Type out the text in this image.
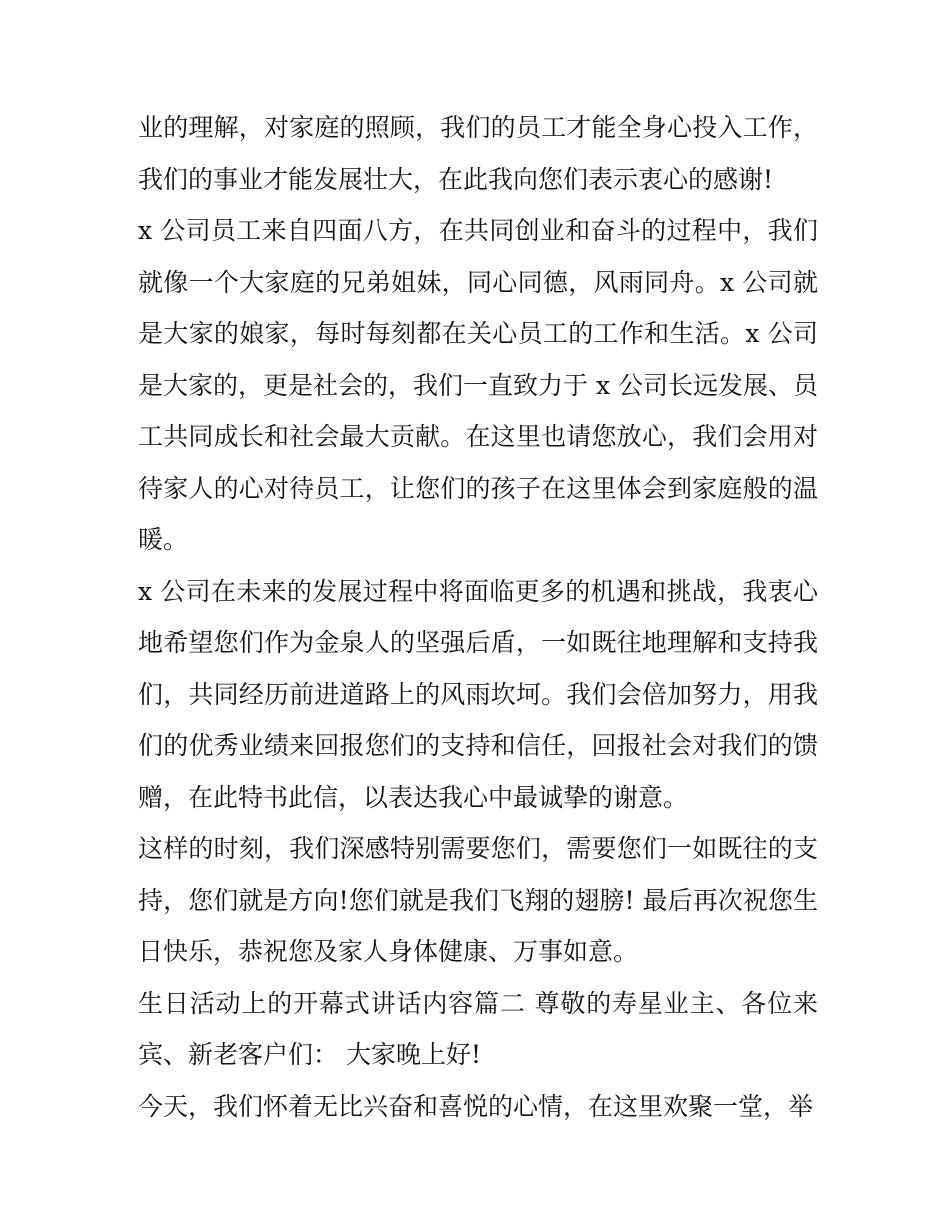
业的理解，对家庭的照顾，我们的员工才能全身心投入工作，我们的事业才能发展壮大，在此我向您们表示衷心的感谢!

x 公司员工来自四面八方，在共同创业和奋斗的过程中，我们就像一个大家庭的兄弟姐妹，同心同德，风雨同舟。x 公司就是大家的娘家，每时每刻都在关心员工的工作和生活。x 公司是大家的，更是社会的，我们一直致力于 x 公司长远发展、员工共同成长和社会最大贡献。在这里也请您放心，我们会用对待家人的心对待员工，让您们的孩子在这里体会到家庭般的温暖。

x 公司在未来的发展过程中将面临更多的机遇和挑战，我衷心地希望您们作为金泉人的坚强后盾，一如既往地理解和支持我们，共同经历前进道路上的风雨坎坷。我们会倍加努力，用我们的优秀业绩来回报您们的支持和信任，回报社会对我们的馈赠，在此特书此信，以表达我心中最诚挚的谢意。

这样的时刻，我们深感特别需要您们，需要您们一如既往的支持，您们就是方向!您们就是我们飞翔的翅膀! 最后再次祝您生日快乐，恭祝您及家人身体健康、万事如意。

生日活动上的开幕式讲话内容篇二 尊敬的寿星业主、各位来宾、新老客户们： 大家晚上好!

今天，我们怀着无比兴奋和喜悦的心情，在这里欢聚一堂，举
